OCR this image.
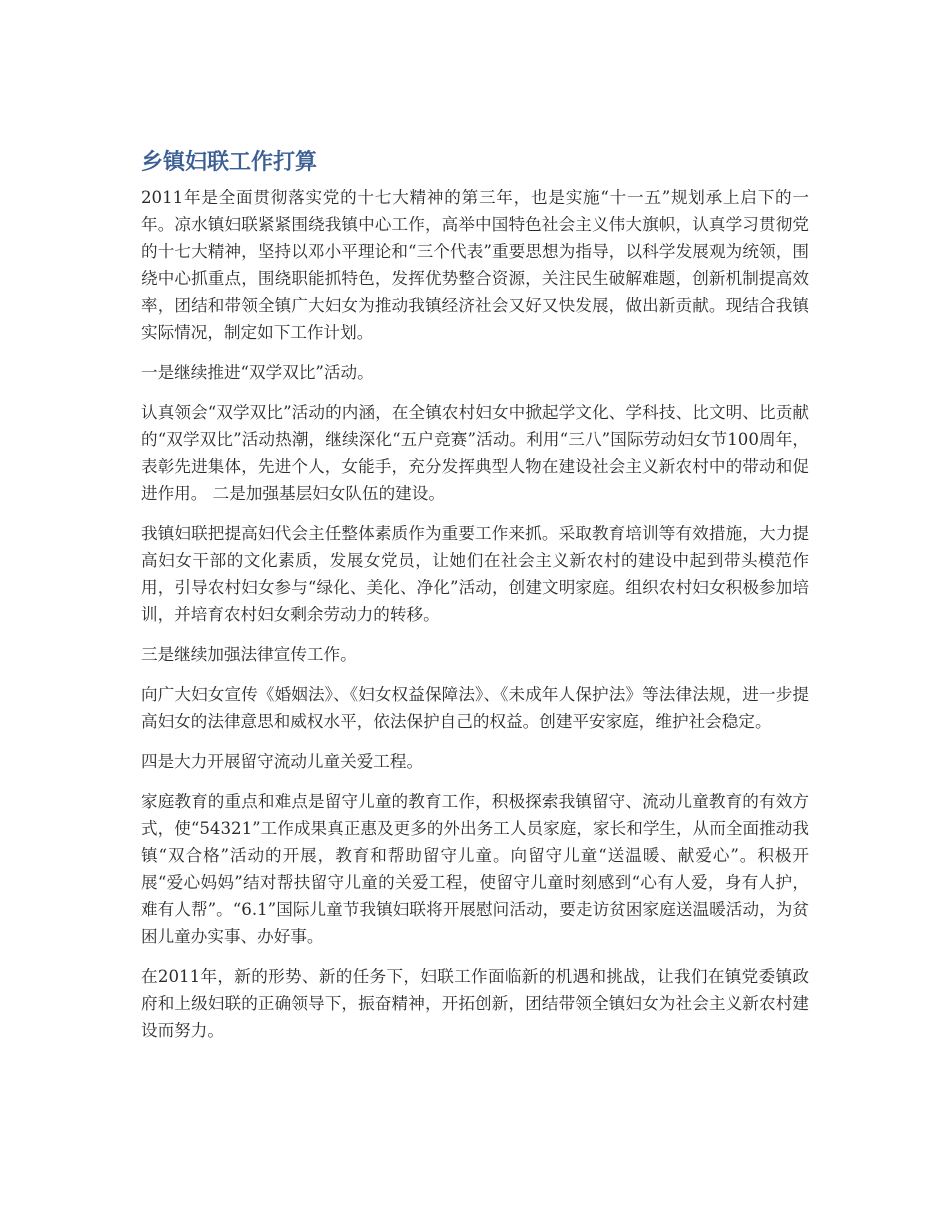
乡镇妇联工作打算

2011年是全面贯彻落实党的十七大精神的第三年，也是实施“十一五”规划承上启下的一年。凉水镇妇联紧紧围绕我镇中心工作，高举中国特色社会主义伟大旗帜，认真学习贯彻党的十七大精神，坚持以邓小平理论和“三个代表”重要思想为指导，以科学发展观为统领，围绕中心抓重点，围绕职能抓特色，发挥优势整合资源，关注民生破解难题，创新机制提高效率，团结和带领全镇广大妇女为推动我镇经济社会又好又快发展，做出新贡献。现结合我镇实际情况，制定如下工作计划。

一是继续推进“双学双比”活动。

认真领会“双学双比”活动的内涵，在全镇农村妇女中掀起学文化、学科技、比文明、比贡献的“双学双比”活动热潮，继续深化“五户竞赛”活动。利用“三八”国际劳动妇女节100周年，表彰先进集体，先进个人，女能手，充分发挥典型人物在建设社会主义新农村中的带动和促进作用。 二是加强基层妇女队伍的建设。

我镇妇联把提高妇代会主任整体素质作为重要工作来抓。采取教育培训等有效措施，大力提高妇女干部的文化素质，发展女党员，让她们在社会主义新农村的建设中起到带头模范作用，引导农村妇女参与“绿化、美化、净化”活动，创建文明家庭。组织农村妇女积极参加培训，并培育农村妇女剩余劳动力的转移。

三是继续加强法律宣传工作。

向广大妇女宣传《婚姻法》、《妇女权益保障法》、《未成年人保护法》等法律法规，进一步提高妇女的法律意思和威权水平，依法保护自己的权益。创建平安家庭，维护社会稳定。

四是大力开展留守流动儿童关爱工程。

家庭教育的重点和难点是留守儿童的教育工作，积极探索我镇留守、流动儿童教育的有效方式，使“54321”工作成果真正惠及更多的外出务工人员家庭，家长和学生，从而全面推动我镇“双合格”活动的开展，教育和帮助留守儿童。向留守儿童“送温暖、献爱心”。积极开展“爱心妈妈”结对帮扶留守儿童的关爱工程，使留守儿童时刻感到“心有人爱，身有人护，难有人帮”。“6.1”国际儿童节我镇妇联将开展慰问活动，要走访贫困家庭送温暖活动，为贫困儿童办实事、办好事。

在2011年，新的形势、新的任务下，妇联工作面临新的机遇和挑战，让我们在镇党委镇政府和上级妇联的正确领导下，振奋精神，开拓创新，团结带领全镇妇女为社会主义新农村建设而努力。
